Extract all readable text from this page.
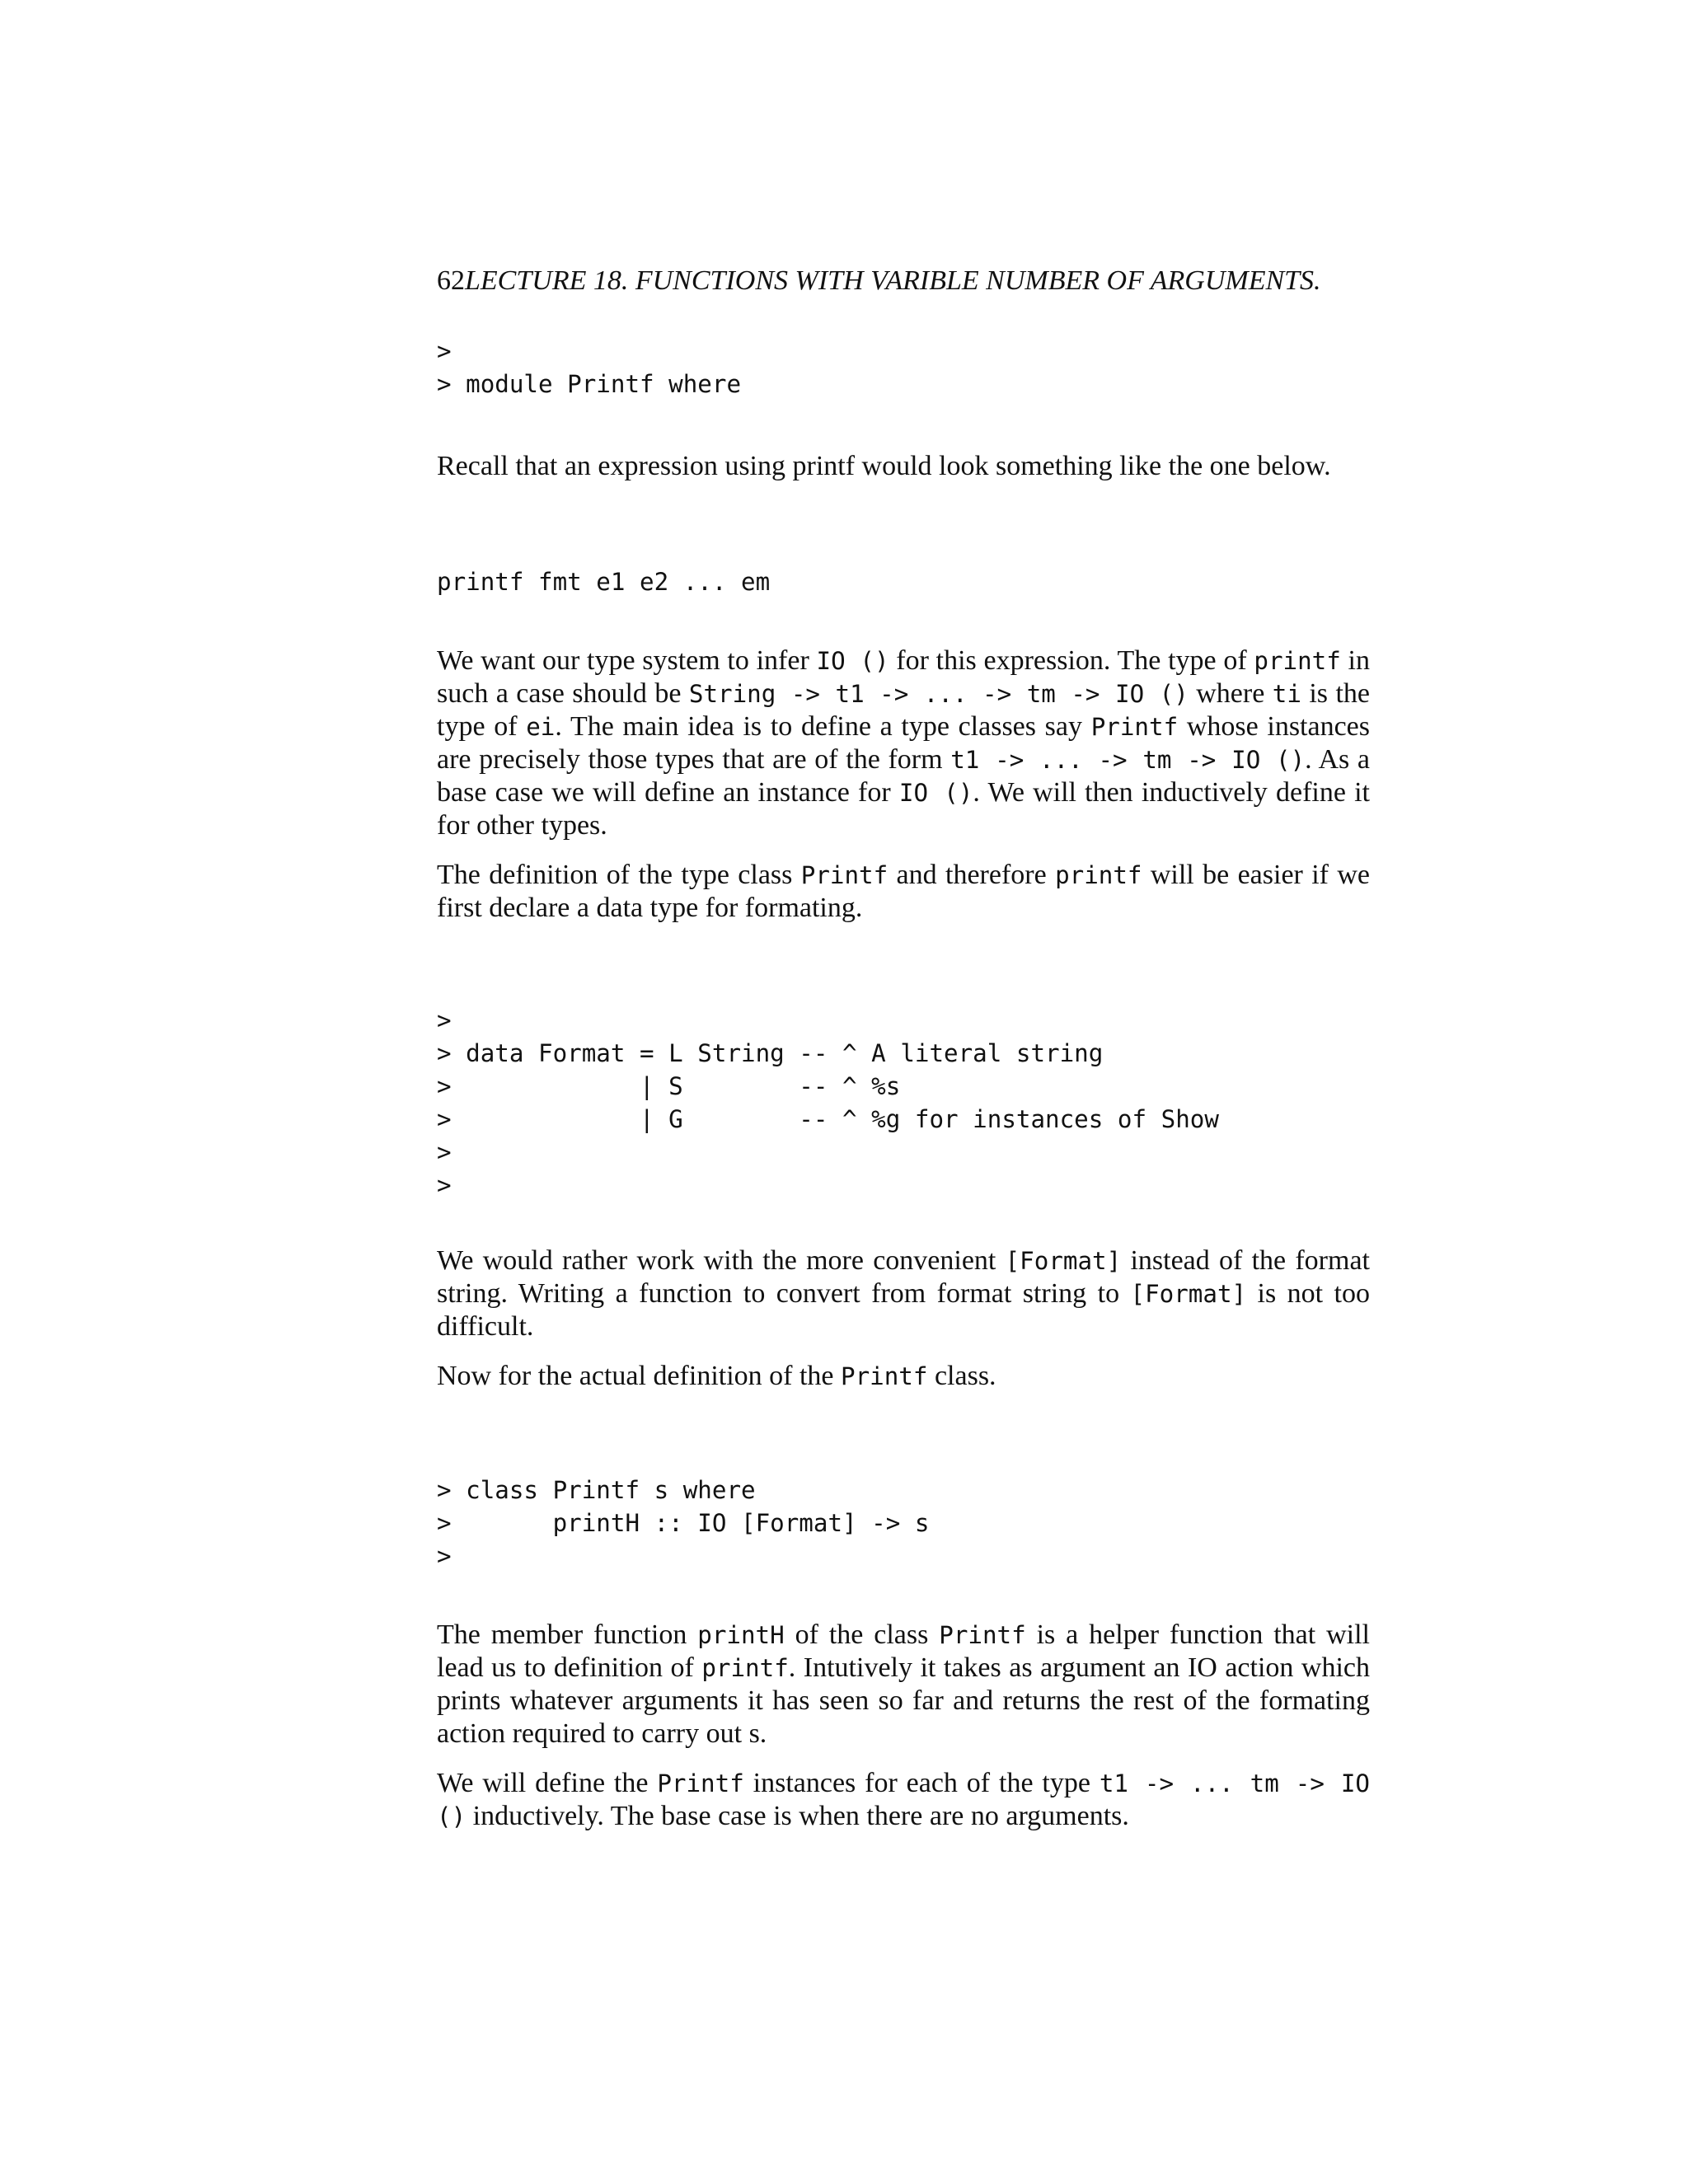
62LECTURE 18. FUNCTIONS WITH VARIBLE NUMBER OF ARGUMENTS.
>
> module Printf where

Recall that an expression using printf would look something like the one below.

printf fmt e1 e2 ... em

We want our type system to infer IO () for this expression. The type of printf in such a case should be String -> t1 -> ... -> tm -> IO () where ti is the type of ei. The main idea is to define a type classes say Printf whose instances are precisely those types that are of the form t1 -> ... -> tm -> IO (). As a base case we will define an instance for IO (). We will then inductively define it for other types.

The definition of the type class Printf and therefore printf will be easier if we first declare a data type for formating.

>
> data Format = L String -- ^ A literal string
>             | S        -- ^ %s
>             | G        -- ^ %g for instances of Show
>
>

We would rather work with the more convenient [Format] instead of the format string. Writing a function to convert from format string to [Format] is not too difficult.

Now for the actual definition of the Printf class.

> class Printf s where
>       printH :: IO [Format] -> s
>

The member function printH of the class Printf is a helper function that will lead us to definition of printf. Intutively it takes as argument an IO action which prints whatever arguments it has seen so far and returns the rest of the formating action required to carry out s.

We will define the Printf instances for each of the type t1 -> ... tm -> IO () inductively. The base case is when there are no arguments.
